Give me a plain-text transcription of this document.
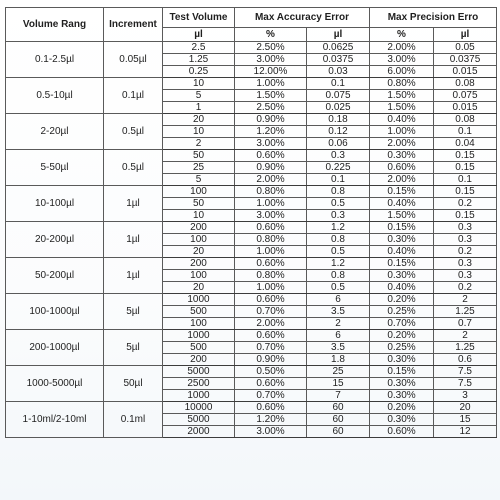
Volume Rang	Increment	Test Volume	Max Accuracy Error		Max Precision Erro	
		µl	%	µl	%	µl
0.1-2.5µl	0.05µl	2.5	2.50%	0.0625	2.00%	0.05
		1.25	3.00%	0.0375	3.00%	0.0375
		0.25	12.00%	0.03	6.00%	0.015
0.5-10µl	0.1µl	10	1.00%	0.1	0.80%	0.08
		5	1.50%	0.075	1.50%	0.075
		1	2.50%	0.025	1.50%	0.015
2-20µl	0.5µl	20	0.90%	0.18	0.40%	0.08
		10	1.20%	0.12	1.00%	0.1
		2	3.00%	0.06	2.00%	0.04
5-50µl	0.5µl	50	0.60%	0.3	0.30%	0.15
		25	0.90%	0.225	0.60%	0.15
		5	2.00%	0.1	2.00%	0.1
10-100µl	1µl	100	0.80%	0.8	0.15%	0.15
		50	1.00%	0.5	0.40%	0.2
		10	3.00%	0.3	1.50%	0.15
20-200µl	1µl	200	0.60%	1.2	0.15%	0.3
		100	0.80%	0.8	0.30%	0.3
		20	1.00%	0.5	0.40%	0.2
50-200µl	1µl	200	0.60%	1.2	0.15%	0.3
		100	0.80%	0.8	0.30%	0.3
		20	1.00%	0.5	0.40%	0.2
100-1000µl	5µl	1000	0.60%	6	0.20%	2
		500	0.70%	3.5	0.25%	1.25
		100	2.00%	2	0.70%	0.7
200-1000µl	5µl	1000	0.60%	6	0.20%	2
		500	0.70%	3.5	0.25%	1.25
		200	0.90%	1.8	0.30%	0.6
1000-5000µl	50µl	5000	0.50%	25	0.15%	7.5
		2500	0.60%	15	0.30%	7.5
		1000	0.70%	7	0.30%	3
1-10ml/2-10ml	0.1ml	10000	0.60%	60	0.20%	20
		5000	1.20%	60	0.30%	15
		2000	3.00%	60	0.60%	12
